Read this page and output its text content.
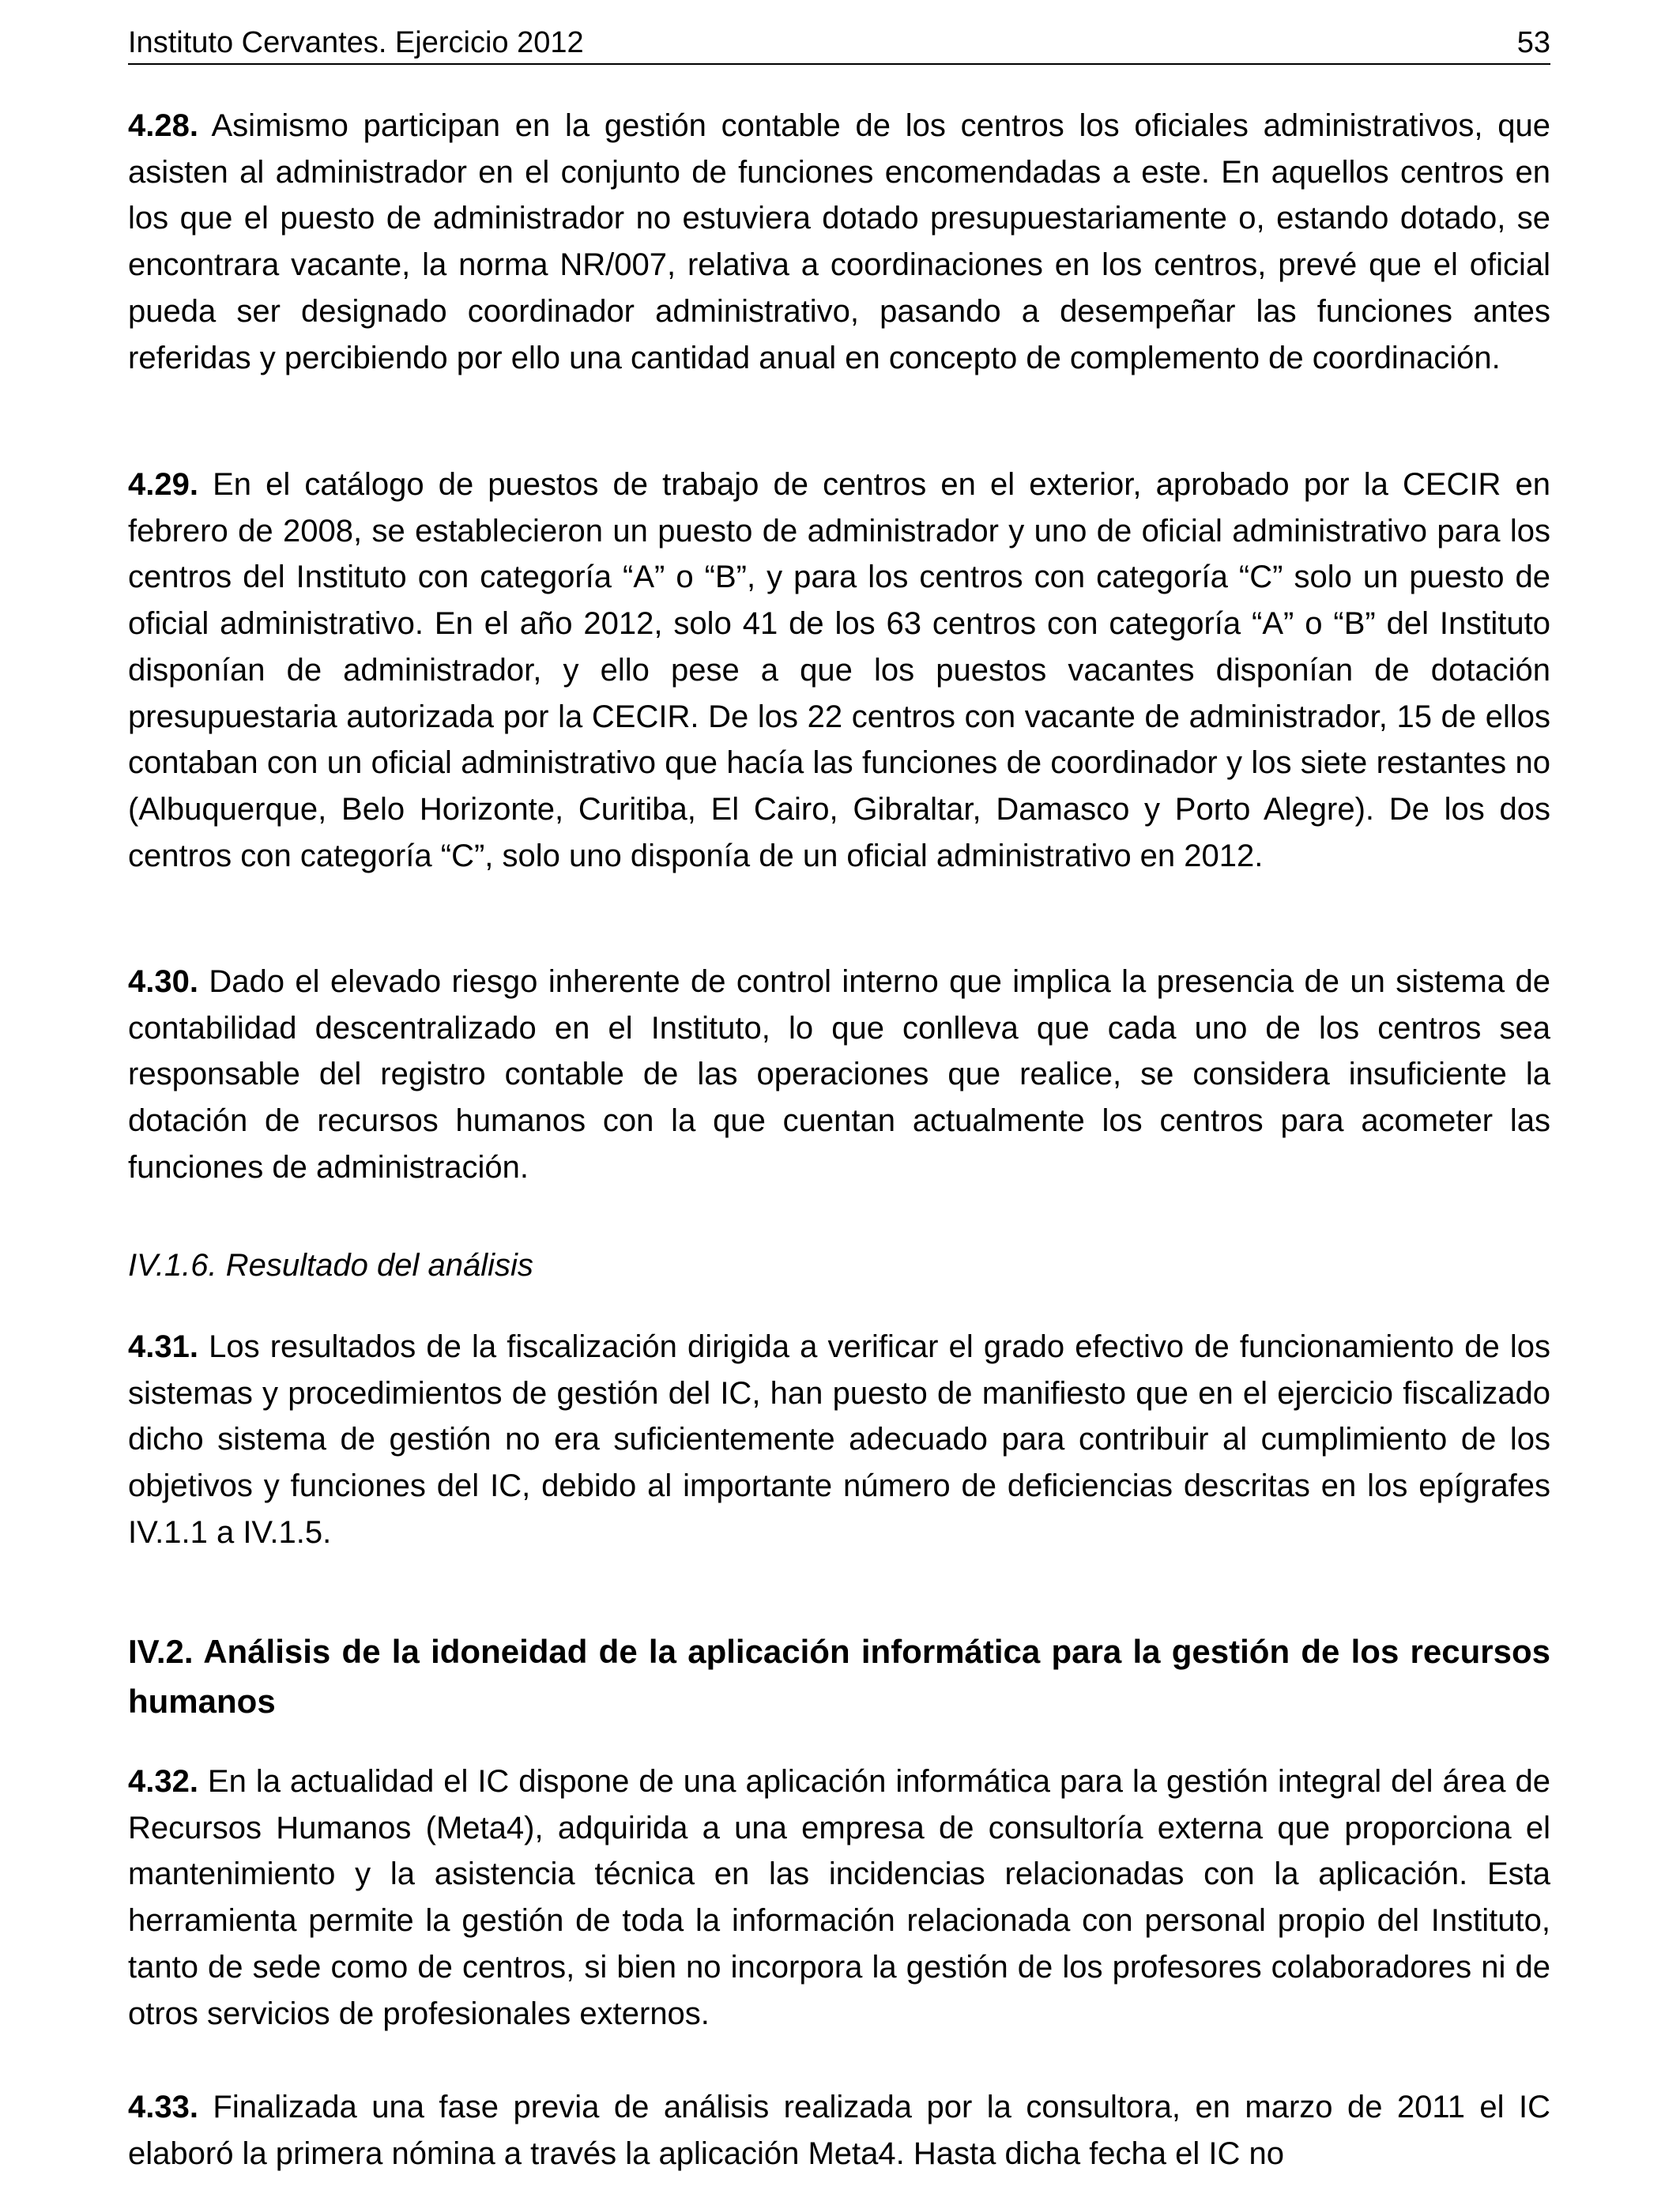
Instituto Cervantes. Ejercicio 2012	53

4.28. Asimismo participan en la gestión contable de los centros los oficiales administrativos, que asisten al administrador en el conjunto de funciones encomendadas a este. En aquellos centros en los que el puesto de administrador no estuviera dotado presupuestariamente o, estando dotado, se encontrara vacante, la norma NR/007, relativa a coordinaciones en los centros, prevé que el oficial pueda ser designado coordinador administrativo, pasando a desempeñar las funciones antes referidas y percibiendo por ello una cantidad anual en concepto de complemento de coordinación.

4.29. En el catálogo de puestos de trabajo de centros en el exterior, aprobado por la CECIR en febrero de 2008, se establecieron un puesto de administrador y uno de oficial administrativo para los centros del Instituto con categoría “A” o “B”, y para los centros con categoría “C” solo un puesto de oficial administrativo. En el año 2012, solo 41 de los 63 centros con categoría “A” o “B” del Instituto disponían de administrador, y ello pese a que los puestos vacantes disponían de dotación presupuestaria autorizada por la CECIR. De los 22 centros con vacante de administrador, 15 de ellos contaban con un oficial administrativo que hacía las funciones de coordinador y los siete restantes no (Albuquerque, Belo Horizonte, Curitiba, El Cairo, Gibraltar, Damasco y Porto Alegre). De los dos centros con categoría “C”, solo uno disponía de un oficial administrativo en 2012.

4.30. Dado el elevado riesgo inherente de control interno que implica la presencia de un sistema de contabilidad descentralizado en el Instituto, lo que conlleva que cada uno de los centros sea responsable del registro contable de las operaciones que realice, se considera insuficiente la dotación de recursos humanos con la que cuentan actualmente los centros para acometer las funciones de administración.

IV.1.6. Resultado del análisis

4.31. Los resultados de la fiscalización dirigida a verificar el grado efectivo de funcionamiento de los sistemas y procedimientos de gestión del IC, han puesto de manifiesto que en el ejercicio fiscalizado dicho sistema de gestión no era suficientemente adecuado para contribuir al cumplimiento de los objetivos y funciones del IC, debido al importante número de deficiencias descritas en los epígrafes IV.1.1 a IV.1.5.

IV.2. Análisis de la idoneidad de la aplicación informática para la gestión de los recursos humanos

4.32. En la actualidad el IC dispone de una aplicación informática para la gestión integral del área de Recursos Humanos (Meta4), adquirida a una empresa de consultoría externa que proporciona el mantenimiento y la asistencia técnica en las incidencias relacionadas con la aplicación. Esta herramienta permite la gestión de toda la información relacionada con personal propio del Instituto, tanto de sede como de centros, si bien no incorpora la gestión de los profesores colaboradores ni de otros servicios de profesionales externos.

4.33. Finalizada una fase previa de análisis realizada por la consultora, en marzo de 2011 el IC elaboró la primera nómina a través la aplicación Meta4. Hasta dicha fecha el IC no
